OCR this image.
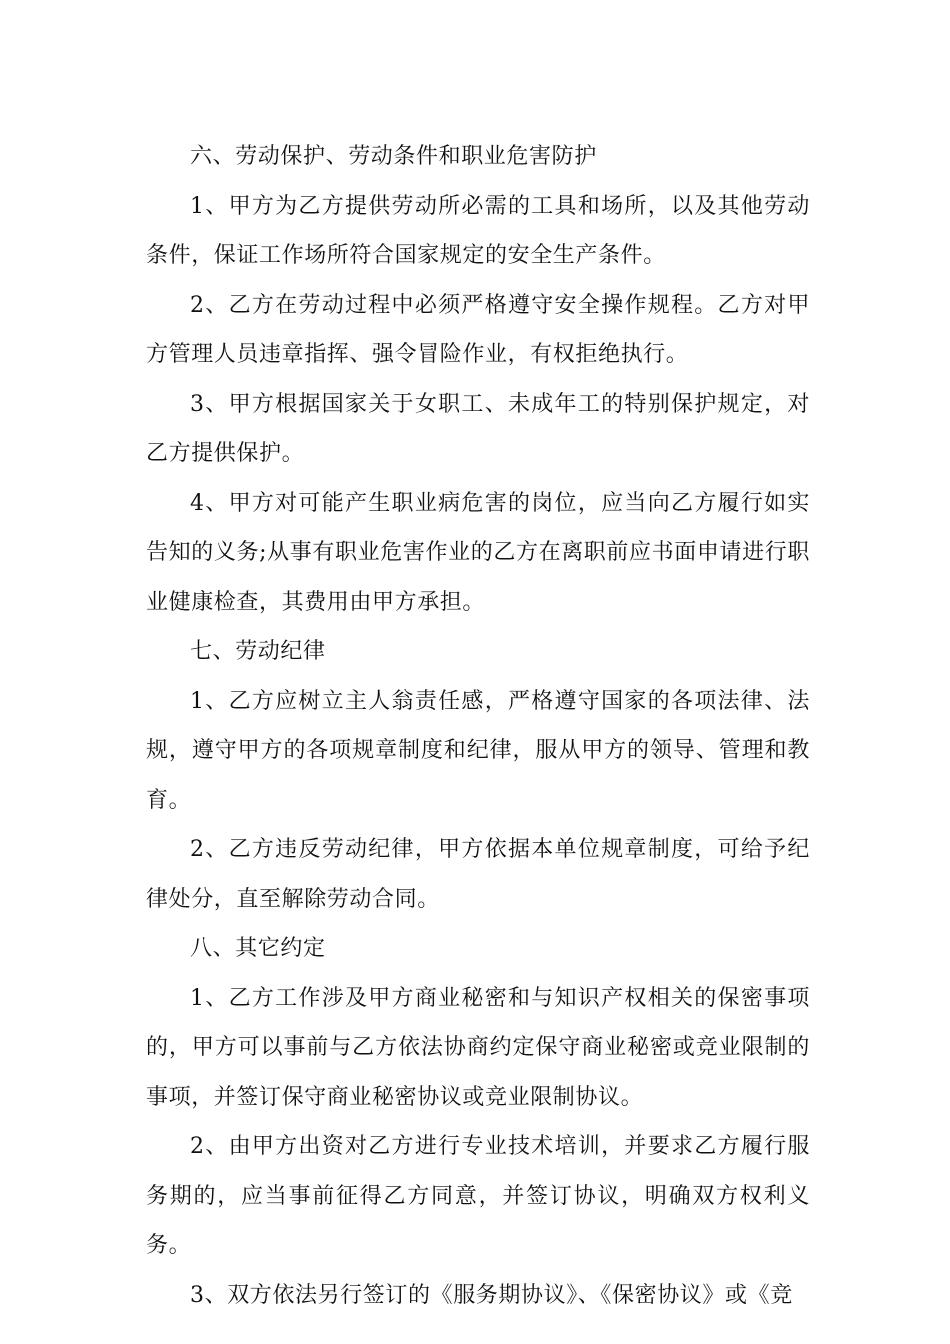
六、劳动保护、劳动条件和职业危害防护

1、甲方为乙方提供劳动所必需的工具和场所，以及其他劳动条件，保证工作场所符合国家规定的安全生产条件。

2、乙方在劳动过程中必须严格遵守安全操作规程。乙方对甲方管理人员违章指挥、强令冒险作业，有权拒绝执行。

3、甲方根据国家关于女职工、未成年工的特别保护规定，对乙方提供保护。

4、甲方对可能产生职业病危害的岗位，应当向乙方履行如实告知的义务;从事有职业危害作业的乙方在离职前应书面申请进行职业健康检查，其费用由甲方承担。

七、劳动纪律

1、乙方应树立主人翁责任感，严格遵守国家的各项法律、法规，遵守甲方的各项规章制度和纪律，服从甲方的领导、管理和教育。

2、乙方违反劳动纪律，甲方依据本单位规章制度，可给予纪律处分，直至解除劳动合同。

八、其它约定

1、乙方工作涉及甲方商业秘密和与知识产权相关的保密事项的，甲方可以事前与乙方依法协商约定保守商业秘密或竞业限制的事项，并签订保守商业秘密协议或竞业限制协议。

2、由甲方出资对乙方进行专业技术培训，并要求乙方履行服务期的，应当事前征得乙方同意，并签订协议，明确双方权利义务。

3、双方依法另行签订的《服务期协议》、《保密协议》或《竞
